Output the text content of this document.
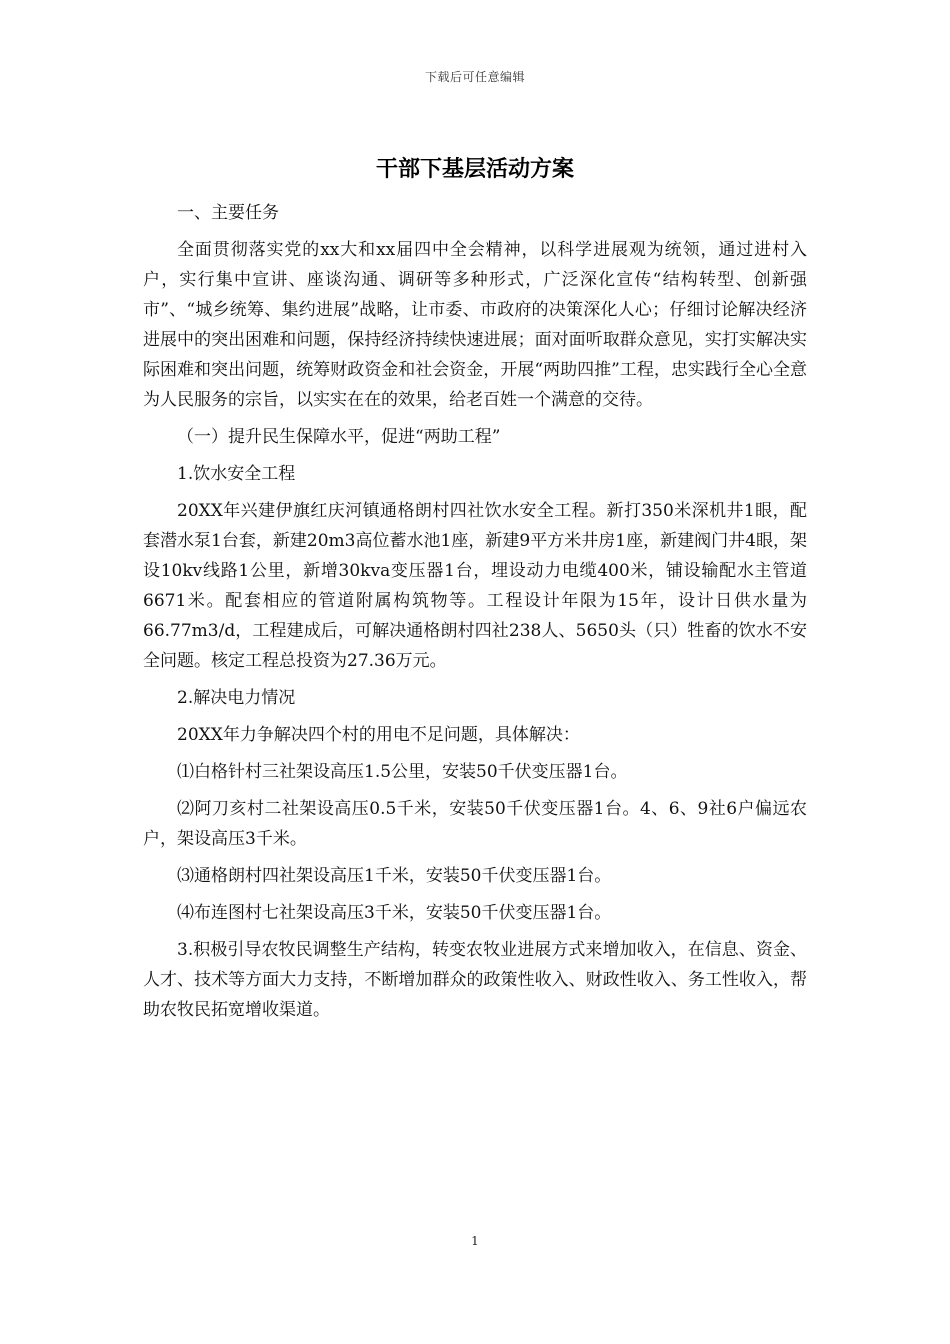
下载后可任意编辑
干部下基层活动方案

一、主要任务

全面贯彻落实党的xx大和xx届四中全会精神，以科学进展观为统领，通过进村入户，实行集中宣讲、座谈沟通、调研等多种形式，广泛深化宣传“结构转型、创新强市”、“城乡统筹、集约进展”战略，让市委、市政府的决策深化人心；仔细讨论解决经济进展中的突出困难和问题，保持经济持续快速进展；面对面听取群众意见，实打实解决实际困难和突出问题，统筹财政资金和社会资金，开展“两助四推”工程，忠实践行全心全意为人民服务的宗旨，以实实在在的效果，给老百姓一个满意的交待。

（一）提升民生保障水平，促进“两助工程”

1.饮水安全工程

20XX年兴建伊旗红庆河镇通格朗村四社饮水安全工程。新打350米深机井1眼，配套潜水泵1台套，新建20m3高位蓄水池1座，新建9平方米井房1座，新建阀门井4眼，架设10kv线路1公里，新增30kva变压器1台，埋设动力电缆400米，铺设输配水主管道6671米。配套相应的管道附属构筑物等。工程设计年限为15年，设计日供水量为66.77m3/d，工程建成后，可解决通格朗村四社238人、5650头（只）牲畜的饮水不安全问题。核定工程总投资为27.36万元。

2.解决电力情况

20XX年力争解决四个村的用电不足问题，具体解决：

⑴白格针村三社架设高压1.5公里，安装50千伏变压器1台。

⑵阿刀亥村二社架设高压0.5千米，安装50千伏变压器1台。4、6、9社6户偏远农户，架设高压3千米。

⑶通格朗村四社架设高压1千米，安装50千伏变压器1台。

⑷布连图村七社架设高压3千米，安装50千伏变压器1台。

3.积极引导农牧民调整生产结构，转变农牧业进展方式来增加收入，在信息、资金、人才、技术等方面大力支持，不断增加群众的政策性收入、财政性收入、务工性收入，帮助农牧民拓宽增收渠道。

1
